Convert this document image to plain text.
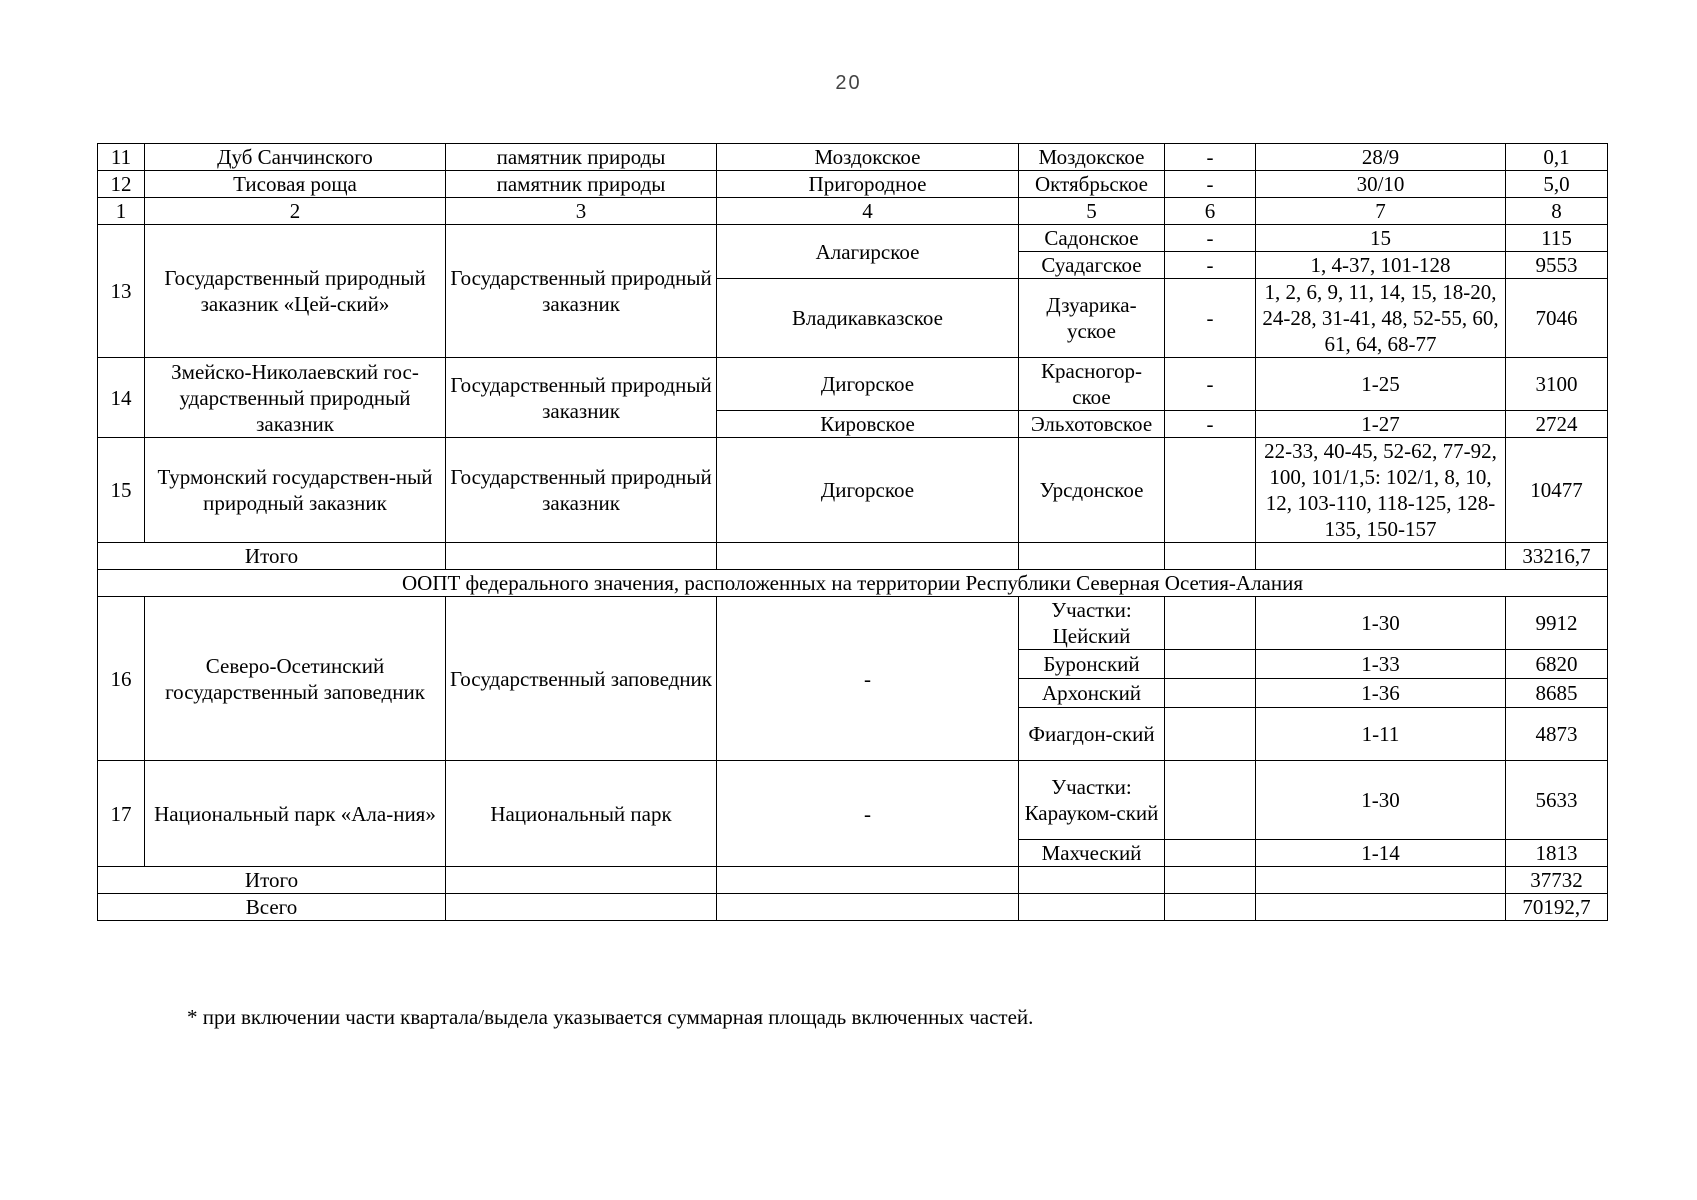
20
11	Дуб Санчинского	памятник природы	Моздокское	Моздокское	-	28/9	0,1
12	Тисовая роща	памятник природы	Пригородное	Октябрьское	-	30/10	5,0
1	2	3	4	5	6	7	8
13	Государственный природный заказник «Цей-ский»	Государственный природный заказник	Алагирское	Садонское	-	15	115
				Суадагское	-	1, 4-37, 101-128	9553
			Владикавказское	Дзуарика-уское	-	1, 2, 6, 9, 11, 14, 15, 18-20, 24-28, 31-41, 48, 52-55, 60, 61, 64, 68-77	7046
14	Змейско-Николаевский гос-ударственный природный заказник	Государственный природный заказник	Дигорское	Красногор-ское	-	1-25	3100
			Кировское	Эльхотовское	-	1-27	2724
15	Турмонский государствен-ный природный заказник	Государственный природный заказник	Дигорское	Урсдонское		22-33, 40-45, 52-62, 77-92, 100, 101/1,5: 102/1, 8, 10, 12, 103-110, 118-125, 128-135, 150-157	10477
Итого							33216,7
ООПТ федерального значения, расположенных на территории Республики Северная Осетия-Алания							
16	Северо-Осетинский государственный заповедник	Государственный заповедник	-	Участки: Цейский		1-30	9912
				Буронский		1-33	6820
				Архонский		1-36	8685
				Фиагдон-ский		1-11	4873
17	Национальный парк «Ала-ния»	Национальный парк	-	Участки: Карауком-ский		1-30	5633
				Махческий		1-14	1813
Итого							37732
Всего							70192,7
* при включении части квартала/выдела указывается суммарная площадь включенных частей.
